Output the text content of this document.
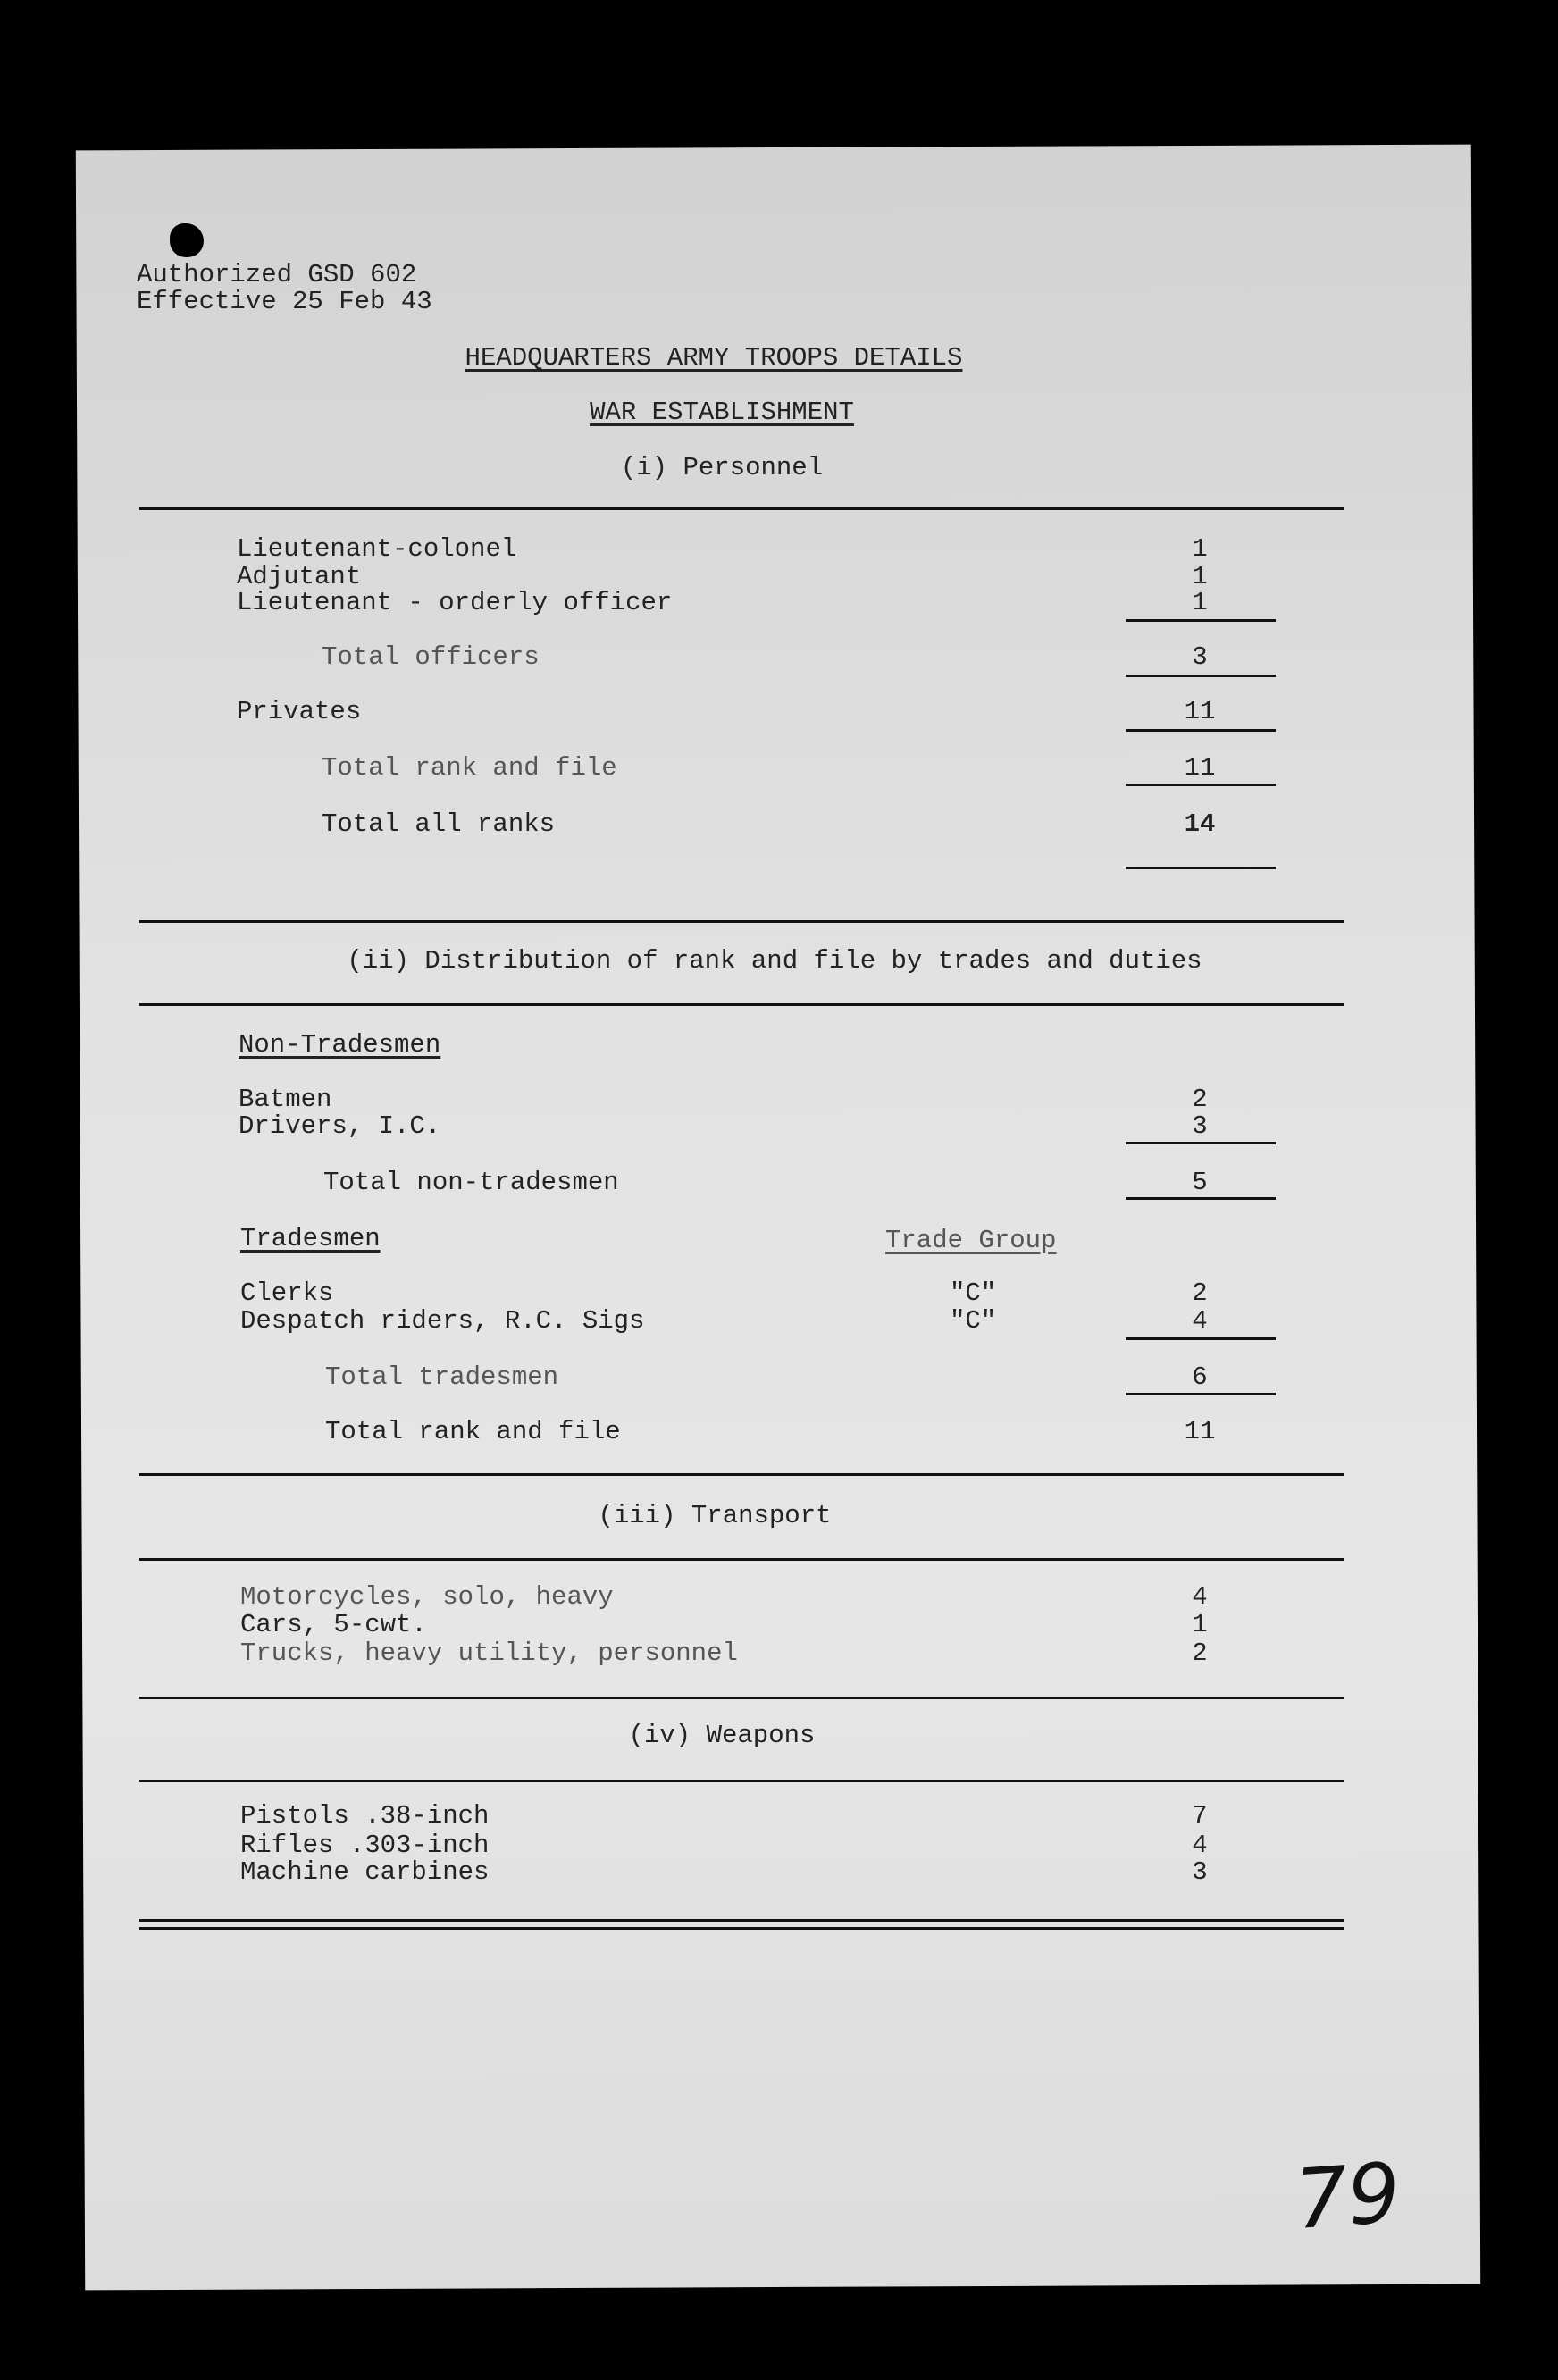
Authorized GSD 602
Effective 25 Feb 43
HEADQUARTERS ARMY TROOPS DETAILS
WAR ESTABLISHMENT
(i) Personnel
Lieutenant-colonel	1
Adjutant	1
Lieutenant - orderly officer	1
Total officers	3
Privates	11
Total rank and file	11
Total all ranks	14
(ii) Distribution of rank and file by trades and duties
Non-Tradesmen
Batmen	2
Drivers, I.C.	3
Total non-tradesmen	5
Tradesmen	Trade Group
Clerks	"C"	2
Despatch riders, R.C. Sigs	"C"	4
Total tradesmen	6
Total rank and file	11
(iii) Transport
Motorcycles, solo, heavy	4
Cars, 5-cwt.	1
Trucks, heavy utility, personnel	2
(iv) Weapons
Pistols .38-inch	7
Rifles .303-inch	4
Machine carbines	3
79
